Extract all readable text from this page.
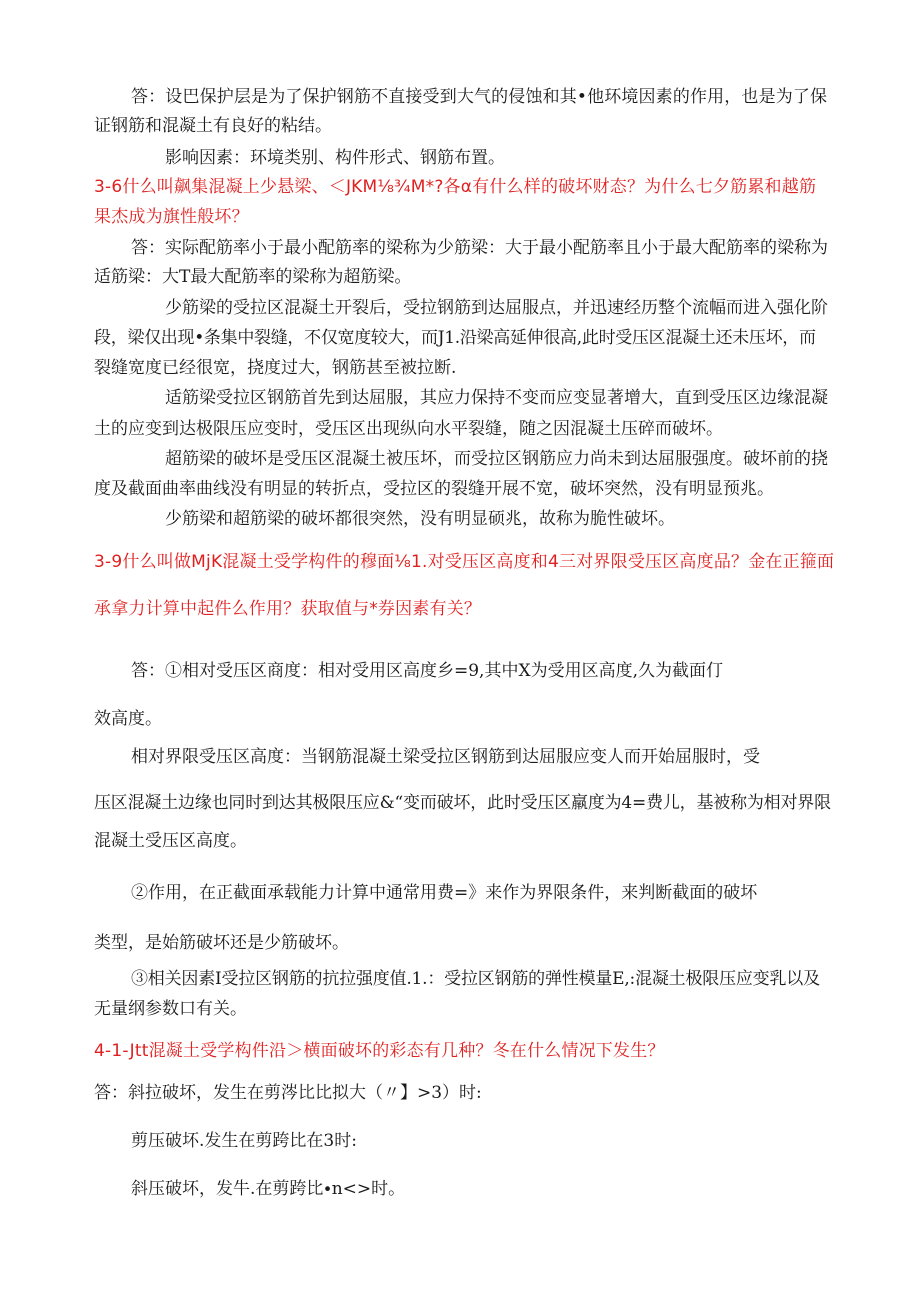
答：设巴保护层是为了保护钢筋不直接受到大气的侵蚀和其•他环境因素的作用，也是为了保
证钢筋和混凝土有良好的粘结。
影响因素：环境类别、构件形式、钢筋布置。
3-6什么叫飙集混凝上少悬梁、＜JKM⅛¾M*?各α有什么样的破坏财态？为什么七夕筋累和越筋
果杰成为旗性般坏？
答：实际配筋率小于最小配筋率的梁称为少筋梁：大于最小配筋率且小于最大配筋率的梁称为
适筋梁：大T最大配筋率的梁称为超筋梁。
少筋梁的受拉区混凝土开裂后，受拉钢筋到达屈服点，并迅速经历整个流幅而进入强化阶
段，梁仅出现•条集中裂缝，不仅宽度较大，而J1.沿梁高延伸很高,此时受压区混凝土还未压坏，而
裂缝宽度已经很宽，挠度过大，钢筋甚至被拉断.
适筋梁受拉区钢筋首先到达屈服，其应力保持不变而应变显著增大，直到受压区边缘混凝
土的应变到达极限压应变时，受压区出现纵向水平裂缝，随之因混凝土压碎而破坏。
超筋梁的破坏是受压区混凝土被压坏，而受拉区钢筋应力尚未到达屈服强度。破坏前的挠
度及截面曲率曲线没有明显的转折点，受拉区的裂缝开展不宽，破坏突然，没有明显预兆。
少筋梁和超筋梁的破坏都很突然，没有明显硕兆，故称为脆性破坏。
3-9什么叫做MjK混凝土受学构件的穆面⅛1.对受压区高度和4三对界限受压区高度品？金在正箍面
承拿力计算中起件么作用？获取值与*券因素有关？
答：①相对受压区商度：相对受用区高度乡=9,其中X为受用区高度,久为截面仃
效高度。
相对界限受压区高度：当钢筋混凝土梁受拉区钢筋到达屈服应变人而开始屈服时，受
压区混凝土边缘也同时到达其极限压应&“变而破坏，此时受压区羸度为4=费儿，基被称为相对界限
混凝土受压区高度。
②作用，在正截面承载能力计算中通常用费=》来作为界限条件，来判断截面的破坏
类型，是始筋破坏还是少筋破坏。
③相关因素I受拉区钢筋的抗拉强度值.1.：受拉区钢筋的弹性模量E,:混凝土极限压应变乳以及
无量纲参数口有关。
4-1-Jtt混凝土受学构件沿＞横面破坏的彩态有几种？冬在什么情况下发生？
答：斜拉破坏，发生在剪涔比比拟大（〃】>3）时:
剪压破坏.发生在剪跨比在3时:
斜压破坏，发牛.在剪跨比∙n<>时。
